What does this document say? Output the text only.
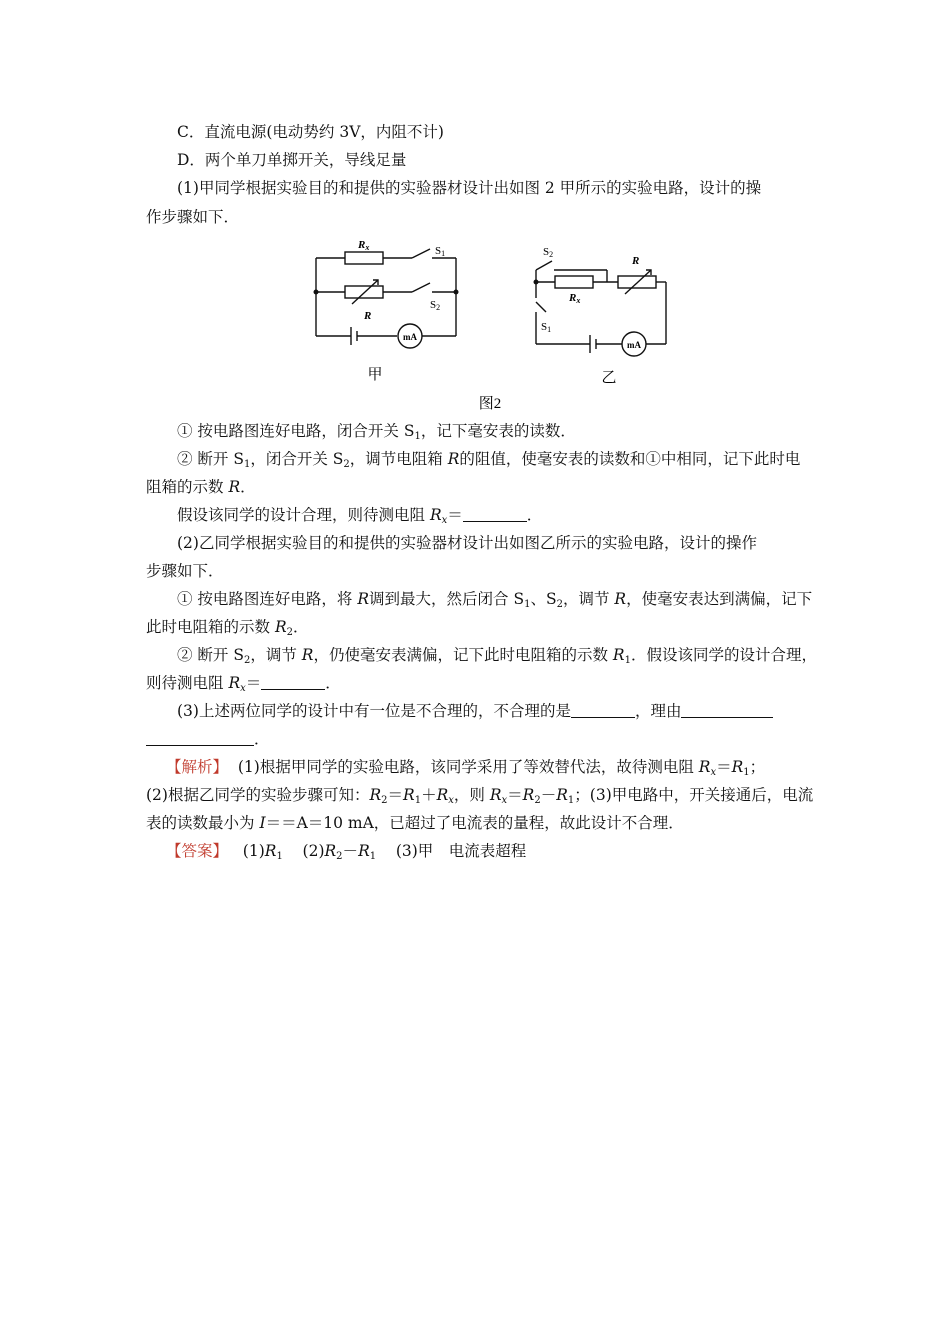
C．直流电源(电动势约 3V，内阻不计)
D．两个单刀单掷开关，导线足量
(1)甲同学根据实验目的和提供的实验器材设计出如图 2 甲所示的实验电路，设计的操
作步骤如下．
Rx	S1
S2
R
mA
S2
R
Rx
S1
mA
甲	乙
图2
① 按电路图连好电路，闭合开关 $S_1$，记下毫安表的读数．
② 断开 $S_1$，闭合开关 $S_2$，调节电阻箱 R的阻值，使毫安表的读数和①中相同，记下此时电
阻箱的示数 R．
假设该同学的设计合理，则待测电阻 $R_x=$	．
(2)乙同学根据实验目的和提供的实验器材设计出如图乙所示的实验电路，设计的操作
步骤如下．
① 按电路图连好电路，将 R调到最大，然后闭合 $S_1$、$S_2$，调节 R，使毫安表达到满偏，记下
此时电阻箱的示数 $R_2$．
② 断开 $S_2$，调节 R，仍使毫安表满偏，记下此时电阻箱的示数 $R_1$．假设该同学的设计合理，
则待测电阻 $R_x=$	．
(3)上述两位同学的设计中有一位是不合理的，不合理的是	，理由
．
【解析】 (1)根据甲同学的实验电路，该同学采用了等效替代法，故待测电阻 $R_x=R_1$；
(2)根据乙同学的实验步骤可知：$R_2=R_1+R_x$，则 $R_x=R_2-R_1$；(3)甲电路中，开关接通后，电流
表的读数最小为 I＝＝A＝10 mA，已超过了电流表的量程，故此设计不合理．
【答案】 $(1)R_1$ $(2)R_2-R_1$ (3)甲　电流表超程
